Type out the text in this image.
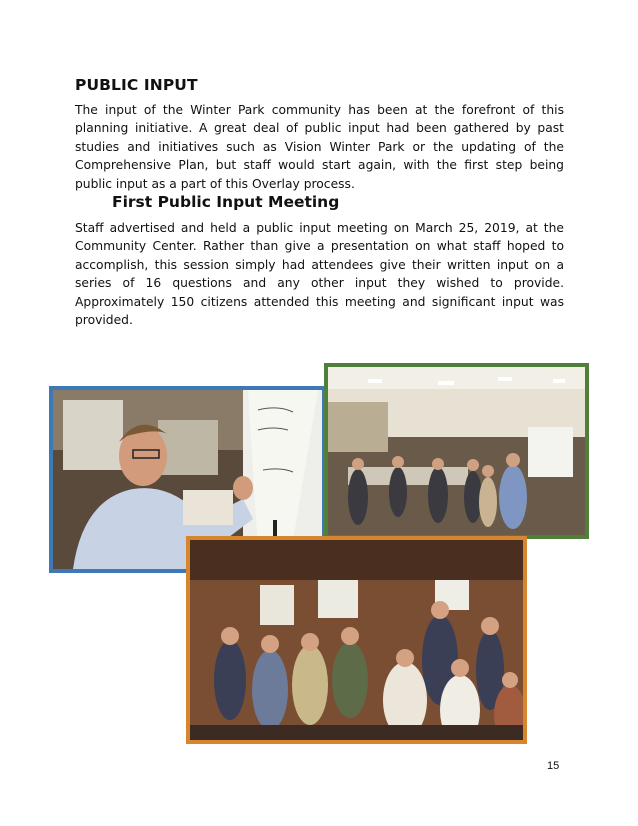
PUBLIC INPUT

The input of the Winter Park community has been at the forefront of this planning initiative. A great deal of public input had been gathered by past studies and initiatives such as Vision Winter Park or the updating of the Comprehensive Plan, but staff would start again, with the first step being public input as a part of this Overlay process.

First Public Input Meeting

Staff advertised and held a public input meeting on March 25, 2019, at the Community Center. Rather than give a presentation on what staff hoped to accomplish, this session simply had attendees give their written input on a series of 16 questions and any other input they wished to provide. Approximately 150 citizens attended this meeting and significant input was provided.

15
